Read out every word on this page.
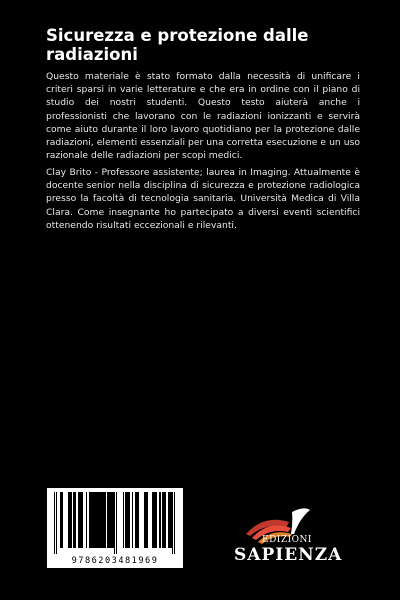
Sicurezza e protezione dalle radiazioni
Questo materiale è stato formato dalla necessità di unificare i criteri sparsi in varie letterature e che era in ordine con il piano di studio dei nostri studenti. Questo testo aiuterà anche i professionisti che lavorano con le radiazioni ionizzanti e servirà come aiuto durante il loro lavoro quotidiano per la protezione dalle radiazioni, elementi essenziali per una corretta esecuzione e un uso razionale delle radiazioni per scopi medici.
Clay Brito - Professore assistente; laurea in Imaging. Attualmente è docente senior nella disciplina di sicurezza e protezione radiologica presso la facoltà di tecnologia sanitaria. Università Medica di Villa Clara. Come insegnante ho partecipato a diversi eventi scientifici ottenendo risultati eccezionali e rilevanti.
9786203481969
EDIZIONI
SAPIENZA
